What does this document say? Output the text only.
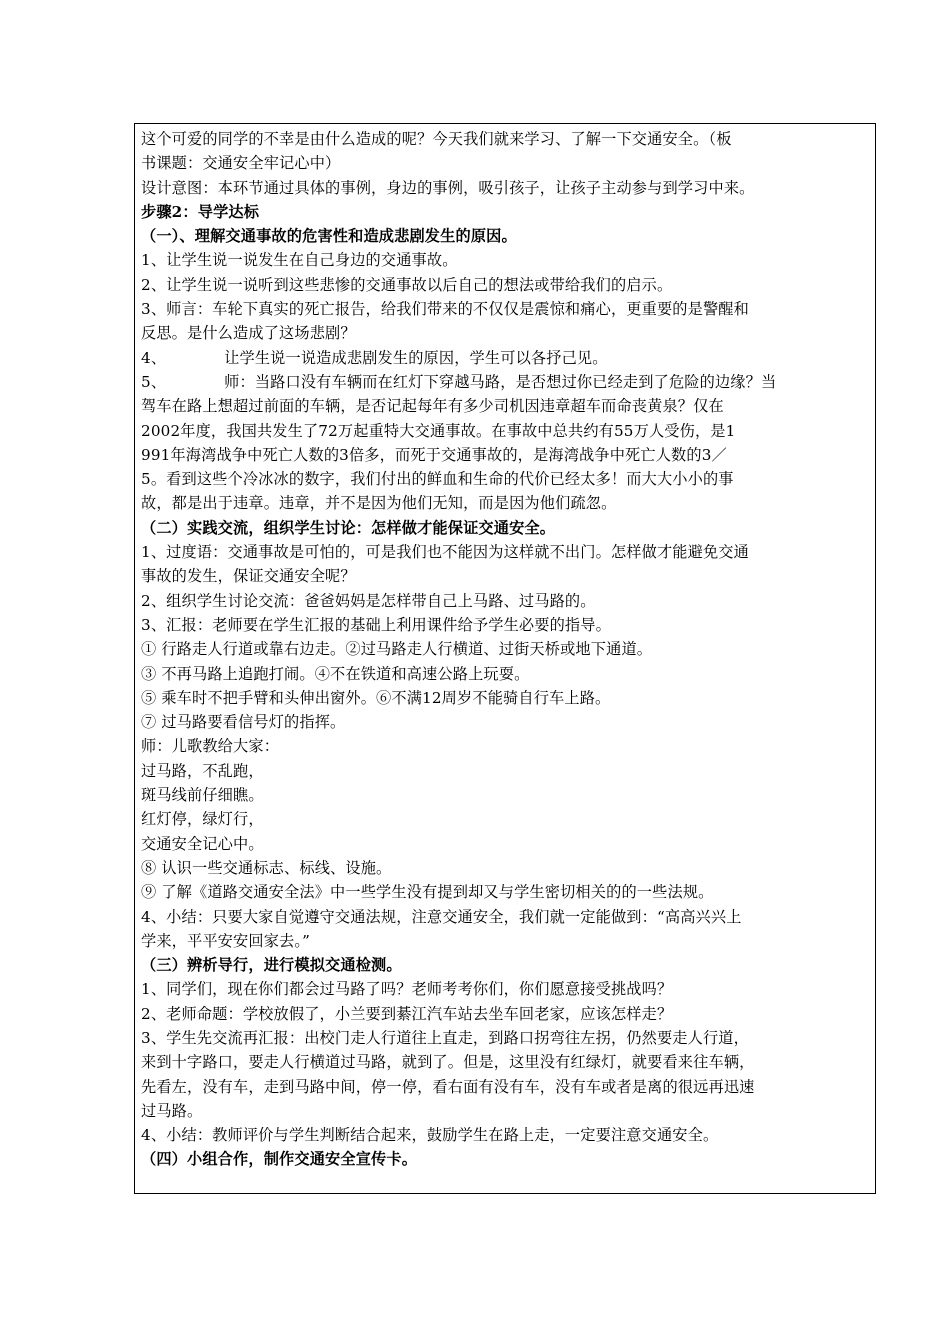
这个可爱的同学的不幸是由什么造成的呢？今天我们就来学习、了解一下交通安全。（板
书课题：交通安全牢记心中）
设计意图：本环节通过具体的事例，身边的事例，吸引孩子，让孩子主动参与到学习中来。
步骤2：导学达标
（一）、理解交通事故的危害性和造成悲剧发生的原因。
1、让学生说一说发生在自己身边的交通事故。
2、让学生说一说听到这些悲惨的交通事故以后自己的想法或带给我们的启示。
3、师言：车轮下真实的死亡报告，给我们带来的不仅仅是震惊和痛心，更重要的是警醒和
反思。是什么造成了这场悲剧？
4、	让学生说一说造成悲剧发生的原因，学生可以各抒己见。
5、	师：当路口没有车辆而在红灯下穿越马路，是否想过你已经走到了危险的边缘？当
驾车在路上想超过前面的车辆，是否记起每年有多少司机因违章超车而命丧黄泉？仅在
2002年度，我国共发生了72万起重特大交通事故。在事故中总共约有55万人受伤，是1
991年海湾战争中死亡人数的3倍多，而死于交通事故的，是海湾战争中死亡人数的3／
5。看到这些个冷冰冰的数字，我们付出的鲜血和生命的代价已经太多！而大大小小的事
故，都是出于违章。违章，并不是因为他们无知，而是因为他们疏忽。
（二）实践交流，组织学生讨论：怎样做才能保证交通安全。
1、过度语：交通事故是可怕的，可是我们也不能因为这样就不出门。怎样做才能避免交通
事故的发生，保证交通安全呢？
2、组织学生讨论交流：爸爸妈妈是怎样带自己上马路、过马路的。
3、汇报：老师要在学生汇报的基础上利用课件给予学生必要的指导。
① 行路走人行道或靠右边走。②过马路走人行横道、过街天桥或地下通道。
③ 不再马路上追跑打闹。④不在铁道和高速公路上玩耍。
⑤ 乘车时不把手臂和头伸出窗外。⑥不满12周岁不能骑自行车上路。
⑦ 过马路要看信号灯的指挥。
师：儿歌教给大家：
过马路，不乱跑，
斑马线前仔细瞧。
红灯停，绿灯行，
交通安全记心中。
⑧ 认识一些交通标志、标线、设施。
⑨ 了解《道路交通安全法》中一些学生没有提到却又与学生密切相关的的一些法规。
4、小结：只要大家自觉遵守交通法规，注意交通安全，我们就一定能做到：“高高兴兴上
学来，平平安安回家去。”
（三）辨析导行，进行模拟交通检测。
1、同学们，现在你们都会过马路了吗？老师考考你们，你们愿意接受挑战吗？
2、老师命题：学校放假了，小兰要到綦江汽车站去坐车回老家，应该怎样走？
3、学生先交流再汇报：出校门走人行道往上直走，到路口拐弯往左拐，仍然要走人行道，
来到十字路口，要走人行横道过马路，就到了。但是，这里没有红绿灯，就要看来往车辆，
先看左，没有车，走到马路中间，停一停，看右面有没有车，没有车或者是离的很远再迅速
过马路。
4、小结：教师评价与学生判断结合起来，鼓励学生在路上走，一定要注意交通安全。
（四）小组合作，制作交通安全宣传卡。
